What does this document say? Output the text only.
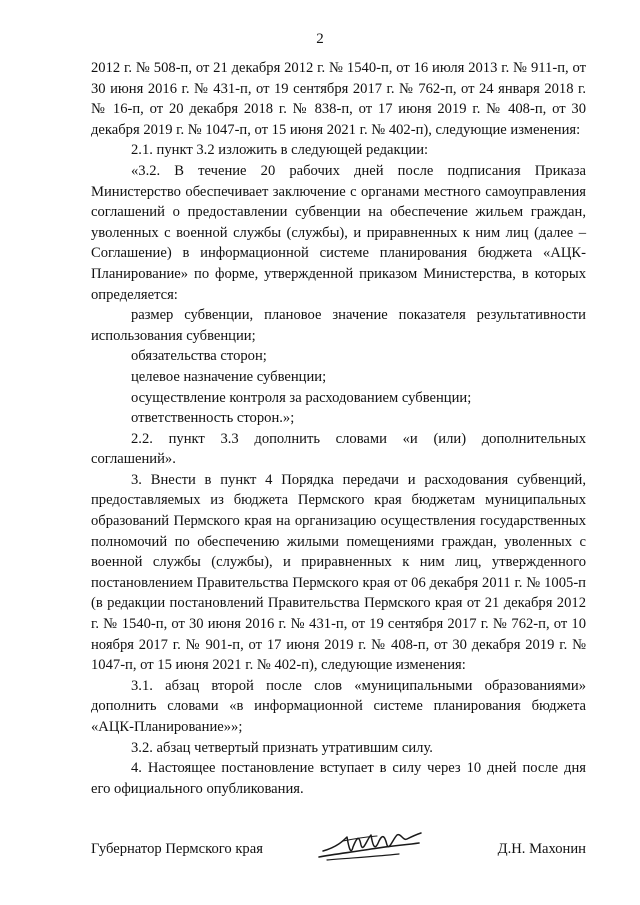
2

2012 г. № 508-п, от 21 декабря 2012 г. № 1540-п, от 16 июля 2013 г. № 911-п, от 30 июня 2016 г. № 431-п, от 19 сентября 2017 г. № 762-п, от 24 января 2018 г. № 16-п, от 20 декабря 2018 г. № 838-п, от 17 июня 2019 г. № 408-п, от 30 декабря 2019 г. № 1047-п, от 15 июня 2021 г. № 402-п), следующие изменения:

2.1. пункт 3.2 изложить в следующей редакции:

«3.2. В течение 20 рабочих дней после подписания Приказа Министерство обеспечивает заключение с органами местного самоуправления соглашений о предоставлении субвенции на обеспечение жильем граждан, уволенных с военной службы (службы), и приравненных к ним лиц (далее – Соглашение) в информационной системе планирования бюджета «АЦК-Планирование» по форме, утвержденной приказом Министерства, в которых определяется:

размер субвенции, плановое значение показателя результативности использования субвенции;

обязательства сторон;

целевое назначение субвенции;

осуществление контроля за расходованием субвенции;

ответственность сторон.»;

2.2. пункт 3.3 дополнить словами «и (или) дополнительных соглашений».

3. Внести в пункт 4 Порядка передачи и расходования субвенций, предоставляемых из бюджета Пермского края бюджетам муниципальных образований Пермского края на организацию осуществления государственных полномочий по обеспечению жилыми помещениями граждан, уволенных с военной службы (службы), и приравненных к ним лиц, утвержденного постановлением Правительства Пермского края от 06 декабря 2011 г. № 1005-п (в редакции постановлений Правительства Пермского края от 21 декабря 2012 г. № 1540-п, от 30 июня 2016 г. № 431-п, от 19 сентября 2017 г. № 762-п, от 10 ноября 2017 г. № 901-п, от 17 июня 2019 г. № 408-п, от 30 декабря 2019 г. № 1047-п, от 15 июня 2021 г. № 402-п), следующие изменения:

3.1. абзац второй после слов «муниципальными образованиями» дополнить словами «в информационной системе планирования бюджета «АЦК-Планирование»»;

3.2. абзац четвертый признать утратившим силу.

4. Настоящее постановление вступает в силу через 10 дней после дня его официального опубликования.

Губернатор Пермского края	Д.Н. Махонин
